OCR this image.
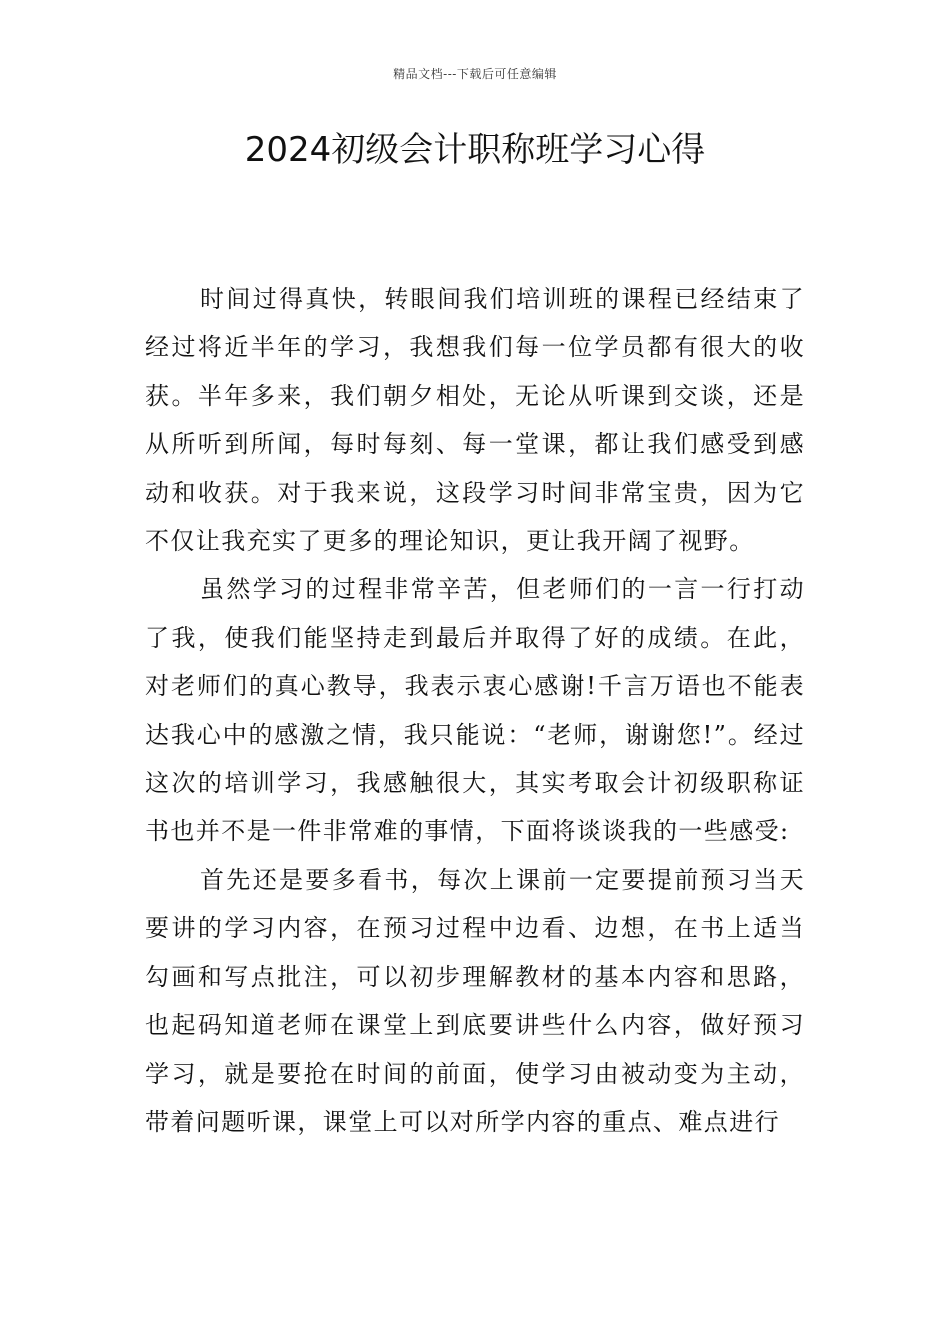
精品文档---下载后可任意编辑
2024初级会计职称班学习心得

时间过得真快，转眼间我们培训班的课程已经结束了经过将近半年的学习，我想我们每一位学员都有很大的收获。半年多来，我们朝夕相处，无论从听课到交谈，还是从所听到所闻，每时每刻、每一堂课，都让我们感受到感动和收获。对于我来说，这段学习时间非常宝贵，因为它不仅让我充实了更多的理论知识，更让我开阔了视野。

虽然学习的过程非常辛苦，但老师们的一言一行打动了我，使我们能坚持走到最后并取得了好的成绩。在此，对老师们的真心教导，我表示衷心感谢!千言万语也不能表达我心中的感激之情，我只能说：“老师，谢谢您!”。经过这次的培训学习，我感触很大，其实考取会计初级职称证书也并不是一件非常难的事情，下面将谈谈我的一些感受:

首先还是要多看书，每次上课前一定要提前预习当天要讲的学习内容，在预习过程中边看、边想，在书上适当勾画和写点批注，可以初步理解教材的基本内容和思路，也起码知道老师在课堂上到底要讲些什么内容，做好预习学习，就是要抢在时间的前面，使学习由被动变为主动，带着问题听课，课堂上可以对所学内容的重点、难点进行
